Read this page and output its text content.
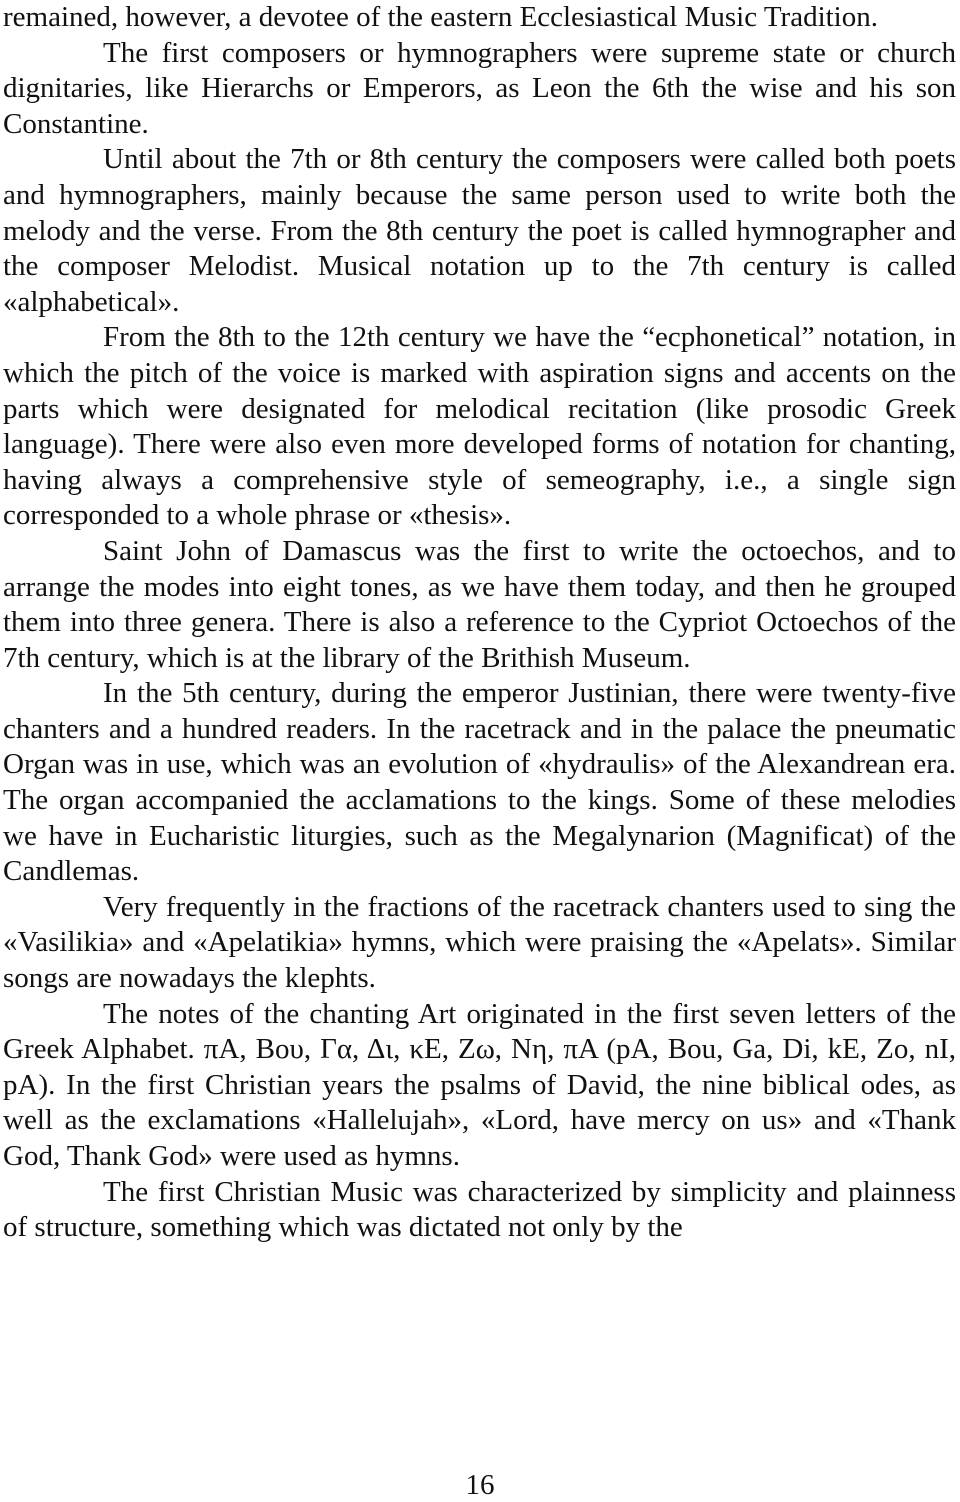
remained, however, a devotee of the eastern Ecclesiastical Music Tradition.

The first composers or hymnographers were supreme state or church dignitaries, like Hierarchs or Emperors, as Leon the 6th the wise and his son Constantine.

Until about the 7th or 8th century the composers were called both poets and hymnographers, mainly because the same person used to write both the melody and the verse. From the 8th century the poet is called hymnographer and the composer Melodist. Musical notation up to the 7th century is called «alphabetical».

From the 8th to the 12th century we have the “ecphonetical” notation, in which the pitch of the voice is marked with aspiration signs and accents on the parts which were designated for melodical recitation (like prosodic Greek language). There were also even more developed forms of notation for chanting, having always a comprehensive style of semeography, i.e., a single sign corresponded to a whole phrase or «thesis».

Saint John of Damascus was the first to write the octoechos, and to arrange the modes into eight tones, as we have them today, and then he grouped them into three genera. There is also a reference to the Cypriot Octoechos of the 7th century, which is at the library of the Brithish Museum.

In the 5th century, during the emperor Justinian, there were twenty-five chanters and a hundred readers. In the racetrack and in the palace the pneumatic Organ was in use, which was an evolution of «hydraulis» of the Alexandrean era. The organ accompanied the acclamations to the kings. Some of these melodies we have in Eucharistic liturgies, such as the Megalynarion (Magnificat) of the Candlemas.

Very frequently in the fractions of the racetrack chanters used to sing the «Vasilikia» and «Apelatikia» hymns, which were praising the «Apelats». Similar songs are nowadays the klephts.

The notes of the chanting Art originated in the first seven letters of the Greek Alphabet. πA, Bου, Γα, Δι, κE, Zω, Nη, πA (pA, Bou, Ga, Di, kE, Zo, nI, pA). In the first Christian years the psalms of David, the nine biblical odes, as well as the exclamations «Hallelujah», «Lord, have mercy on us» and «Thank God, Thank God» were used as hymns.

The first Christian Music was characterized by simplicity and plainness of structure, something which was dictated not only by the

16
